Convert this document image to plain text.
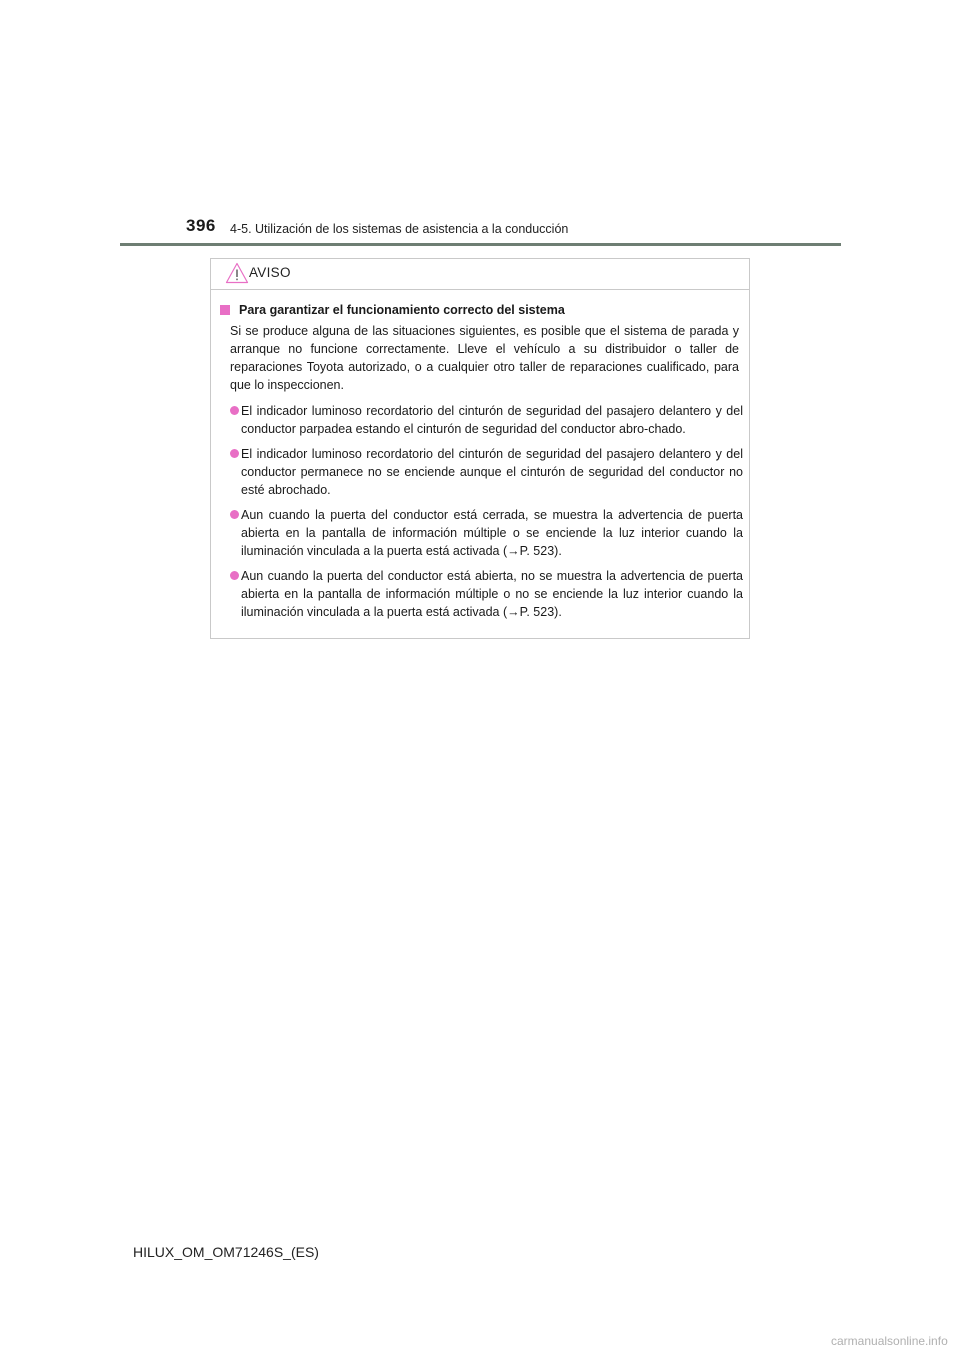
396 4-5. Utilización de los sistemas de asistencia a la conducción
AVISO
Para garantizar el funcionamiento correcto del sistema

Si se produce alguna de las situaciones siguientes, es posible que el sistema de parada y arranque no funcione correctamente. Lleve el vehículo a su distribuidor o taller de reparaciones Toyota autorizado, o a cualquier otro taller de reparaciones cualificado, para que lo inspeccionen.

El indicador luminoso recordatorio del cinturón de seguridad del pasajero delantero y del conductor parpadea estando el cinturón de seguridad del conductor abro-chado.
El indicador luminoso recordatorio del cinturón de seguridad del pasajero delantero y del conductor permanece no se enciende aunque el cinturón de seguridad del conductor no esté abrochado.
Aun cuando la puerta del conductor está cerrada, se muestra la advertencia de puerta abierta en la pantalla de información múltiple o se enciende la luz interior cuando la iluminación vinculada a la puerta está activada (→P. 523).
Aun cuando la puerta del conductor está abierta, no se muestra la advertencia de puerta abierta en la pantalla de información múltiple o no se enciende la luz interior cuando la iluminación vinculada a la puerta está activada (→P. 523).
HILUX_OM_OM71246S_(ES)
carmanualsonline.info
